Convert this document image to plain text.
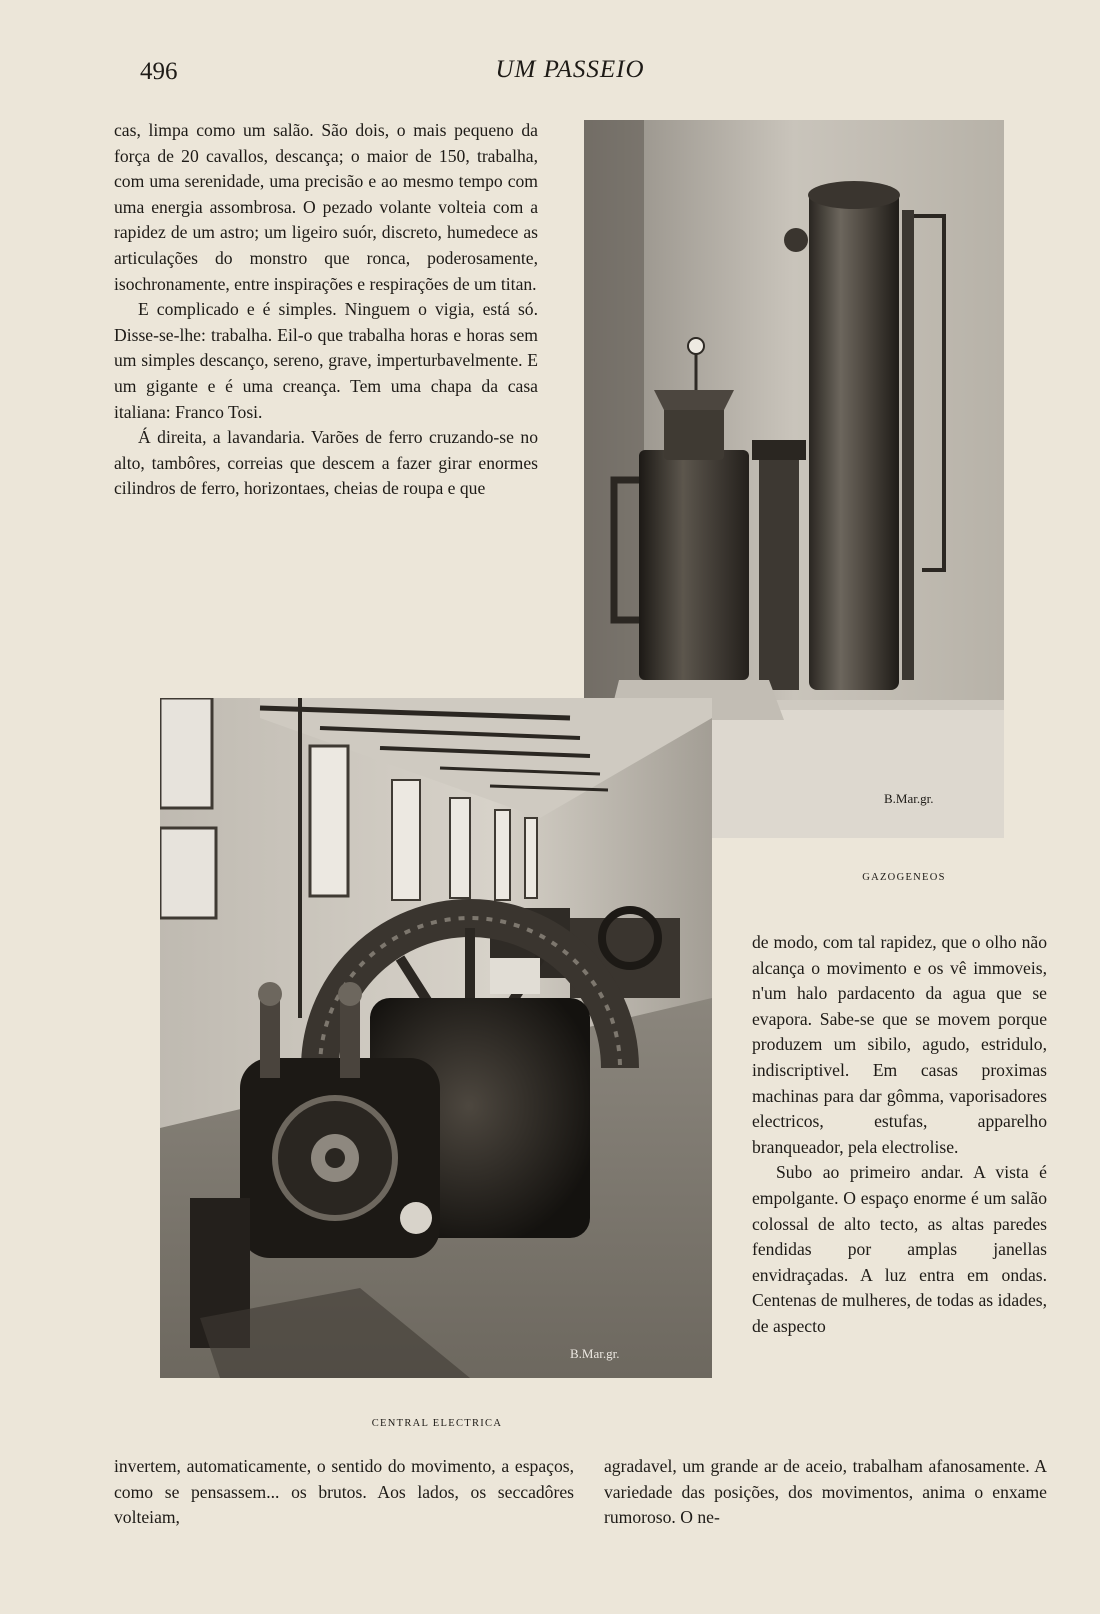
496	UM PASSEIO

cas, limpa como um salão. São dois, o mais pequeno da força de 20 cavallos, descança; o maior de 150, trabalha, com uma serenidade, uma precisão e ao mesmo tempo com uma energia assombrosa. O pezado volante volteia com a rapidez de um astro; um ligeiro suór, discreto, humedece as articulações do monstro que ronca, poderosamente, isochronamente, entre inspirações e respirações de um titan.

E complicado e é simples. Ninguem o vigia, está só. Disse-se-lhe: trabalha. Eil-o que trabalha horas e horas sem um simples descanço, sereno, grave, imperturbavelmente. E um gigante e é uma creança. Tem uma chapa da casa italiana: Franco Tosi.

Á direita, a lavandaria. Varões de ferro cruzando-se no alto, tambôres, correias que descem a fazer girar enormes cilindros de ferro, horizontaes, cheias de roupa e que

B.Mar.gr.
B.Mar.gr.
GAZOGENEOS
CENTRAL ELECTRICA

de modo, com tal rapidez, que o olho não alcança o movimento e os vê immoveis, n'um halo pardacento da agua que se evapora. Sabe-se que se movem porque produzem um sibilo, agudo, estridulo, indiscriptivel. Em casas proximas machinas para dar gômma, vaporisadores electricos, estufas, apparelho branqueador, pela electrolise.

Subo ao primeiro andar. A vista é empolgante. O espaço enorme é um salão colossal de alto tecto, as altas paredes fendidas por amplas janellas envidraçadas. A luz entra em ondas. Centenas de mulheres, de todas as idades, de aspecto

invertem, automaticamente, o sentido do movimento, a espaços, como se pensassem... os brutos. Aos lados, os seccadôres volteiam,

agradavel, um grande ar de aceio, trabalham afanosamente. A variedade das posições, dos movimentos, anima o enxame rumoroso. O ne-
